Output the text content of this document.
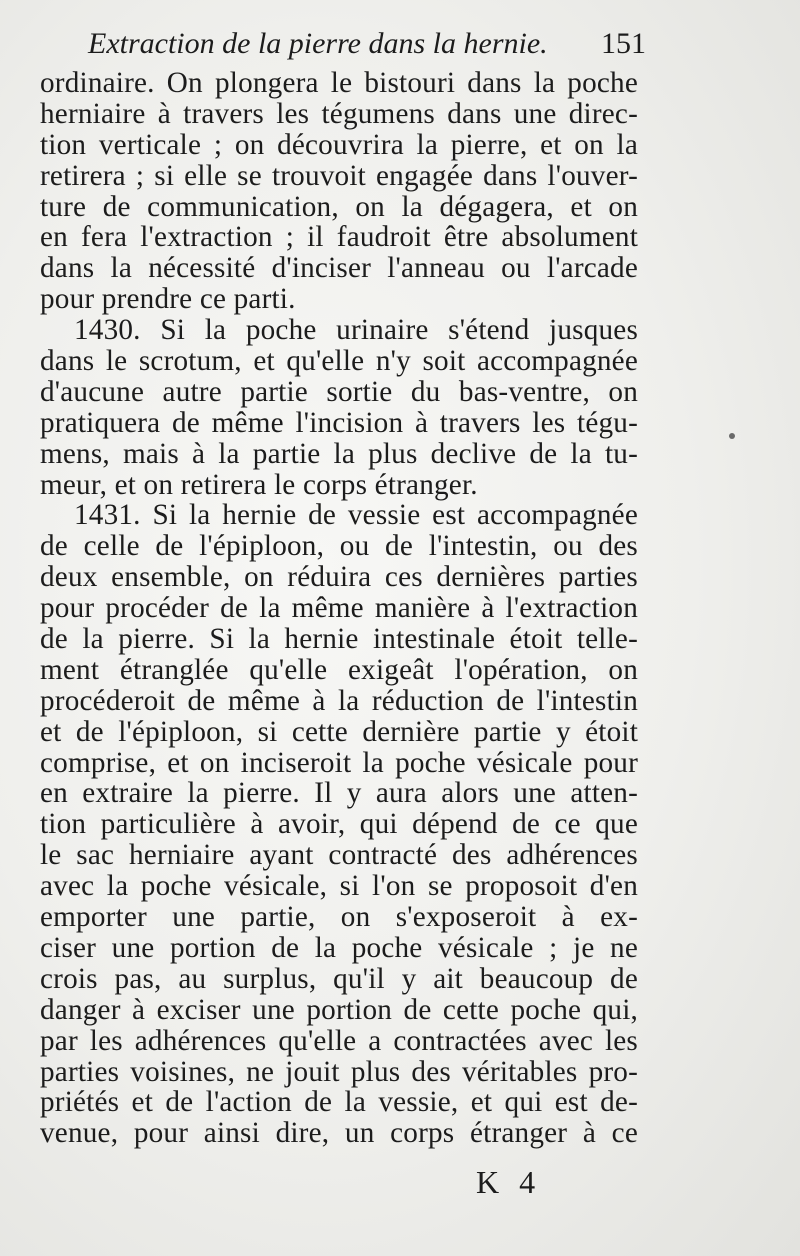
Extraction de la pierre dans la hernie.	151
ordinaire. On plongera le bistouri dans la poche
herniaire à travers les tégumens dans une direc-
tion verticale ; on découvrira la pierre, et on la
retirera ; si elle se trouvoit engagée dans l'ouver-
ture de communication, on la dégagera, et on
en fera l'extraction ; il faudroit être absolument
dans la nécessité d'inciser l'anneau ou l'arcade
pour prendre ce parti.
1430. Si la poche urinaire s'étend jusques
dans le scrotum, et qu'elle n'y soit accompagnée
d'aucune autre partie sortie du bas-ventre, on
pratiquera de même l'incision à travers les tégu-
mens, mais à la partie la plus declive de la tu-
meur, et on retirera le corps étranger.
1431. Si la hernie de vessie est accompagnée
de celle de l'épiploon, ou de l'intestin, ou des
deux ensemble, on réduira ces dernières parties
pour procéder de la même manière à l'extraction
de la pierre. Si la hernie intestinale étoit telle-
ment étranglée qu'elle exigeât l'opération, on
procéderoit de même à la réduction de l'intestin
et de l'épiploon, si cette dernière partie y étoit
comprise, et on inciseroit la poche vésicale pour
en extraire la pierre. Il y aura alors une atten-
tion particulière à avoir, qui dépend de ce que
le sac herniaire ayant contracté des adhérences
avec la poche vésicale, si l'on se proposoit d'en
emporter une partie, on s'exposeroit à ex-
ciser une portion de la poche vésicale ; je ne
crois pas, au surplus, qu'il y ait beaucoup de
danger à exciser une portion de cette poche qui,
par les adhérences qu'elle a contractées avec les
parties voisines, ne jouit plus des véritables pro-
priétés et de l'action de la vessie, et qui est de-
venue, pour ainsi dire, un corps étranger à ce
K 4
